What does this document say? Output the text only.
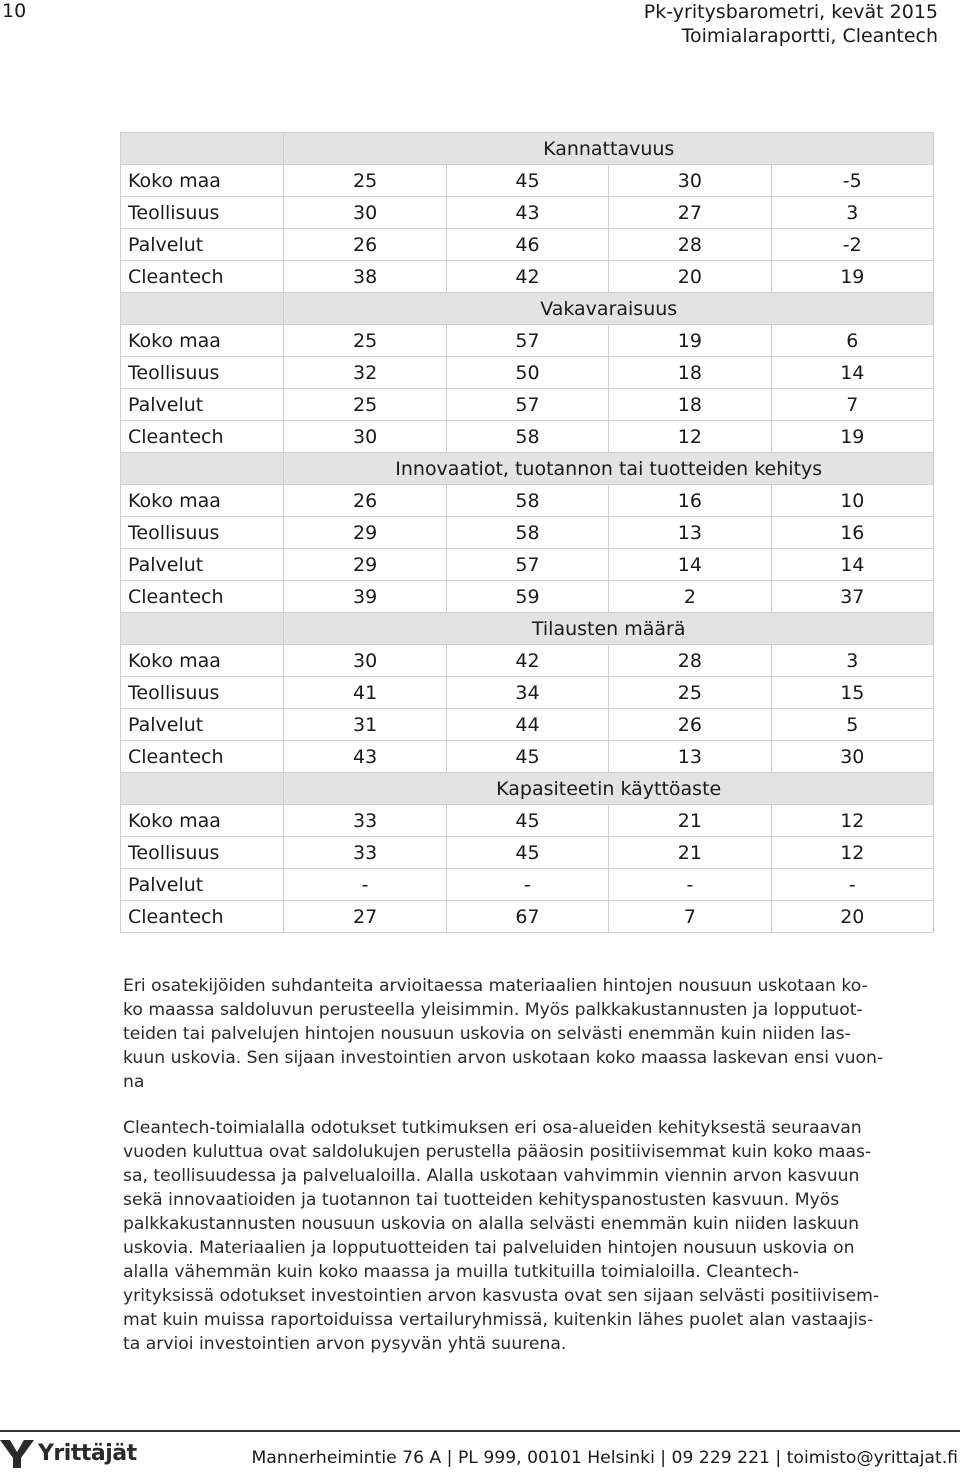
10	Pk-yritysbarometri, kevät 2015
Toimialaraportti, Cleantech
	Kannattavuus			
Koko maa	25	45	30	-5
Teollisuus	30	43	27	3
Palvelut	26	46	28	-2
Cleantech	38	42	20	19
	Vakavaraisuus			
Koko maa	25	57	19	6
Teollisuus	32	50	18	14
Palvelut	25	57	18	7
Cleantech	30	58	12	19
	Innovaatiot, tuotannon tai tuotteiden kehitys			
Koko maa	26	58	16	10
Teollisuus	29	58	13	16
Palvelut	29	57	14	14
Cleantech	39	59	2	37
	Tilausten määrä			
Koko maa	30	42	28	3
Teollisuus	41	34	25	15
Palvelut	31	44	26	5
Cleantech	43	45	13	30
	Kapasiteetin käyttöaste			
Koko maa	33	45	21	12
Teollisuus	33	45	21	12
Palvelut	-	-	-	-
Cleantech	27	67	7	20
Eri osatekijöiden suhdanteita arvioitaessa materiaalien hintojen nousuun uskotaan ko-
ko maassa saldoluvun perusteella yleisimmin. Myös palkkakustannusten ja lopputuot-
teiden tai palvelujen hintojen nousuun uskovia on selvästi enemmän kuin niiden las-
kuun uskovia. Sen sijaan investointien arvon uskotaan koko maassa laskevan ensi vuon-
na
Cleantech-toimialalla odotukset tutkimuksen eri osa-alueiden kehityksestä seuraavan
vuoden kuluttua ovat saldolukujen perustella pääosin positiivisemmat kuin koko maas-
sa, teollisuudessa ja palvelualoilla. Alalla uskotaan vahvimmin viennin arvon kasvuun
sekä innovaatioiden ja tuotannon tai tuotteiden kehityspanostusten kasvuun. Myös
palkkakustannusten nousuun uskovia on alalla selvästi enemmän kuin niiden laskuun
uskovia. Materiaalien ja lopputuotteiden tai palveluiden hintojen nousuun uskovia on
alalla vähemmän kuin koko maassa ja muilla tutkituilla toimialoilla. Cleantech-
yrityksissä odotukset investointien arvon kasvusta ovat sen sijaan selvästi positiivisem-
mat kuin muissa raportoiduissa vertailuryhmissä, kuitenkin lähes puolet alan vastaajis-
ta arvioi investointien arvon pysyvän yhtä suurena.
Yrittäjät	Mannerheimintie 76 A | PL 999, 00101 Helsinki | 09 229 221 | toimisto@yrittajat.fi
